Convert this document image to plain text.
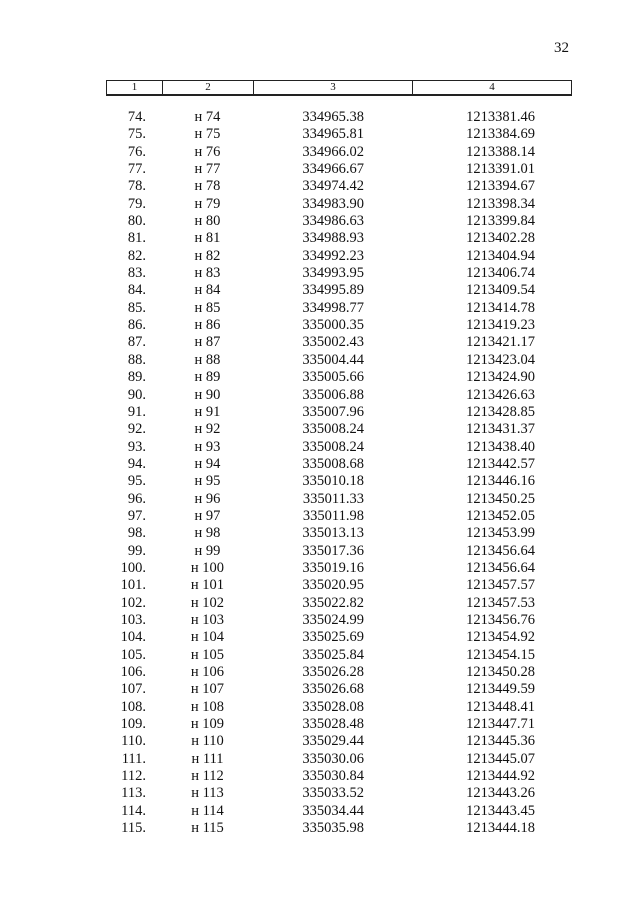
32
1	2	3	4
74.	н 74	334965.38	1213381.46
75.	н 75	334965.81	1213384.69
76.	н 76	334966.02	1213388.14
77.	н 77	334966.67	1213391.01
78.	н 78	334974.42	1213394.67
79.	н 79	334983.90	1213398.34
80.	н 80	334986.63	1213399.84
81.	н 81	334988.93	1213402.28
82.	н 82	334992.23	1213404.94
83.	н 83	334993.95	1213406.74
84.	н 84	334995.89	1213409.54
85.	н 85	334998.77	1213414.78
86.	н 86	335000.35	1213419.23
87.	н 87	335002.43	1213421.17
88.	н 88	335004.44	1213423.04
89.	н 89	335005.66	1213424.90
90.	н 90	335006.88	1213426.63
91.	н 91	335007.96	1213428.85
92.	н 92	335008.24	1213431.37
93.	н 93	335008.24	1213438.40
94.	н 94	335008.68	1213442.57
95.	н 95	335010.18	1213446.16
96.	н 96	335011.33	1213450.25
97.	н 97	335011.98	1213452.05
98.	н 98	335013.13	1213453.99
99.	н 99	335017.36	1213456.64
100.	н 100	335019.16	1213456.64
101.	н 101	335020.95	1213457.57
102.	н 102	335022.82	1213457.53
103.	н 103	335024.99	1213456.76
104.	н 104	335025.69	1213454.92
105.	н 105	335025.84	1213454.15
106.	н 106	335026.28	1213450.28
107.	н 107	335026.68	1213449.59
108.	н 108	335028.08	1213448.41
109.	н 109	335028.48	1213447.71
110.	н 110	335029.44	1213445.36
111.	н 111	335030.06	1213445.07
112.	н 112	335030.84	1213444.92
113.	н 113	335033.52	1213443.26
114.	н 114	335034.44	1213443.45
115.	н 115	335035.98	1213444.18
